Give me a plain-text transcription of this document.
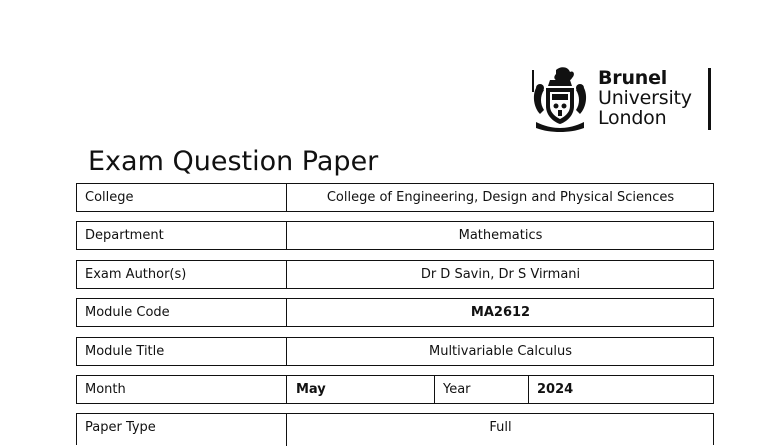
Brunel
University
London
Exam Question Paper
College	College of Engineering, Design and Physical Sciences
Department	Mathematics
Exam Author(s)	Dr D Savin, Dr S Virmani
Module Code	MA2612
Module Title	Multivariable Calculus
Month	May	Year	2024
Paper Type	Full
